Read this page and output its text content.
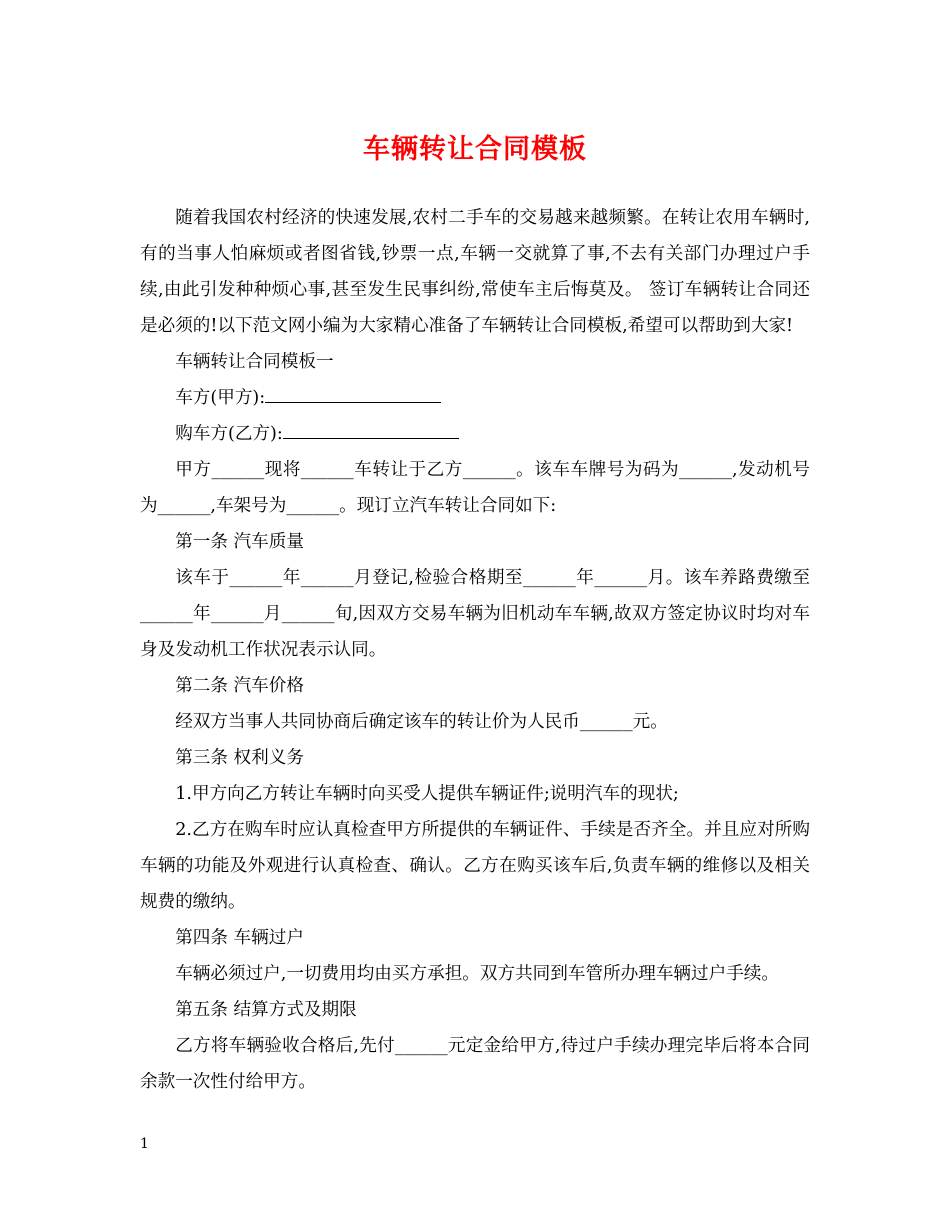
车辆转让合同模板

随着我国农村经济的快速发展,农村二手车的交易越来越频繁。在转让农用车辆时,有的当事人怕麻烦或者图省钱,钞票一点,车辆一交就算了事,不去有关部门办理过户手续,由此引发种种烦心事,甚至发生民事纠纷,常使车主后悔莫及。 签订车辆转让合同还是必须的!以下范文网小编为大家精心准备了车辆转让合同模板,希望可以帮助到大家!

车辆转让合同模板一

车方(甲方):

购车方(乙方):

甲方______现将______车转让于乙方______。该车车牌号为码为______,发动机号为______,车架号为______。现订立汽车转让合同如下:

第一条 汽车质量

该车于______年______月登记,检验合格期至______年______月。该车养路费缴至______年______月______旬,因双方交易车辆为旧机动车车辆,故双方签定协议时均对车身及发动机工作状况表示认同。

第二条 汽车价格

经双方当事人共同协商后确定该车的转让价为人民币______元。

第三条 权利义务

1.甲方向乙方转让车辆时向买受人提供车辆证件;说明汽车的现状;

2.乙方在购车时应认真检查甲方所提供的车辆证件、手续是否齐全。并且应对所购车辆的功能及外观进行认真检查、确认。乙方在购买该车后,负责车辆的维修以及相关规费的缴纳。

第四条 车辆过户

车辆必须过户,一切费用均由买方承担。双方共同到车管所办理车辆过户手续。

第五条 结算方式及期限

乙方将车辆验收合格后,先付______元定金给甲方,待过户手续办理完毕后将本合同余款一次性付给甲方。

1
